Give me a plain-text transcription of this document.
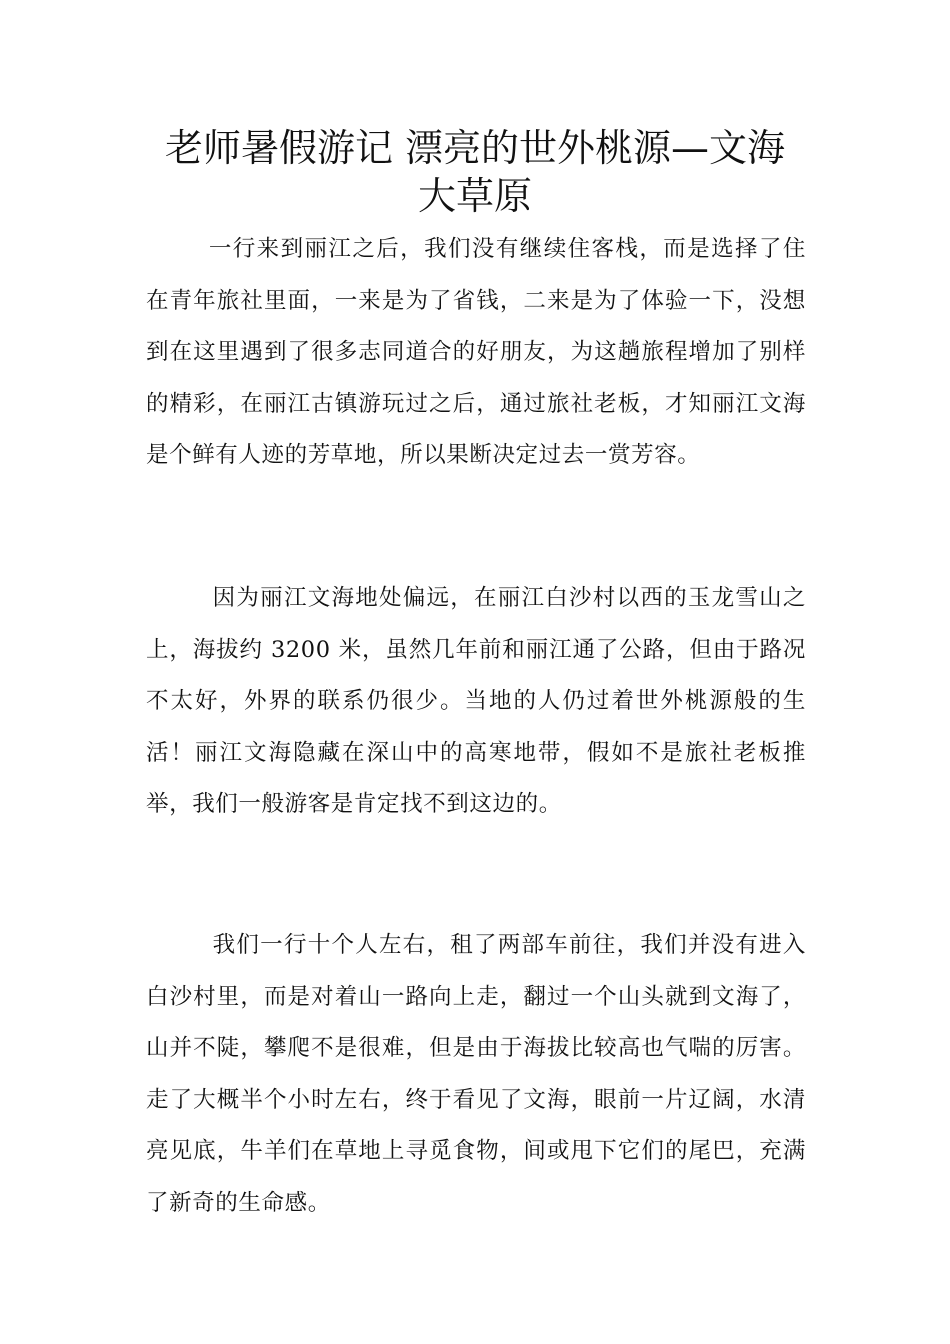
老师暑假游记 漂亮的世外桃源—文海
大草原

一行来到丽江之后，我们没有继续住客栈，而是选择了住在青年旅社里面，一来是为了省钱，二来是为了体验一下，没想到在这里遇到了很多志同道合的好朋友，为这趟旅程增加了别样的精彩，在丽江古镇游玩过之后，通过旅社老板，才知丽江文海是个鲜有人迹的芳草地，所以果断决定过去一赏芳容。

因为丽江文海地处偏远，在丽江白沙村以西的玉龙雪山之上，海拔约 3200 米，虽然几年前和丽江通了公路，但由于路况不太好，外界的联系仍很少。当地的人仍过着世外桃源般的生活！丽江文海隐藏在深山中的高寒地带，假如不是旅社老板推举，我们一般游客是肯定找不到这边的。

我们一行十个人左右，租了两部车前往，我们并没有进入白沙村里，而是对着山一路向上走，翻过一个山头就到文海了，山并不陡，攀爬不是很难，但是由于海拔比较高也气喘的厉害。走了大概半个小时左右，终于看见了文海，眼前一片辽阔，水清亮见底，牛羊们在草地上寻觅食物，间或甩下它们的尾巴，充满了新奇的生命感。
